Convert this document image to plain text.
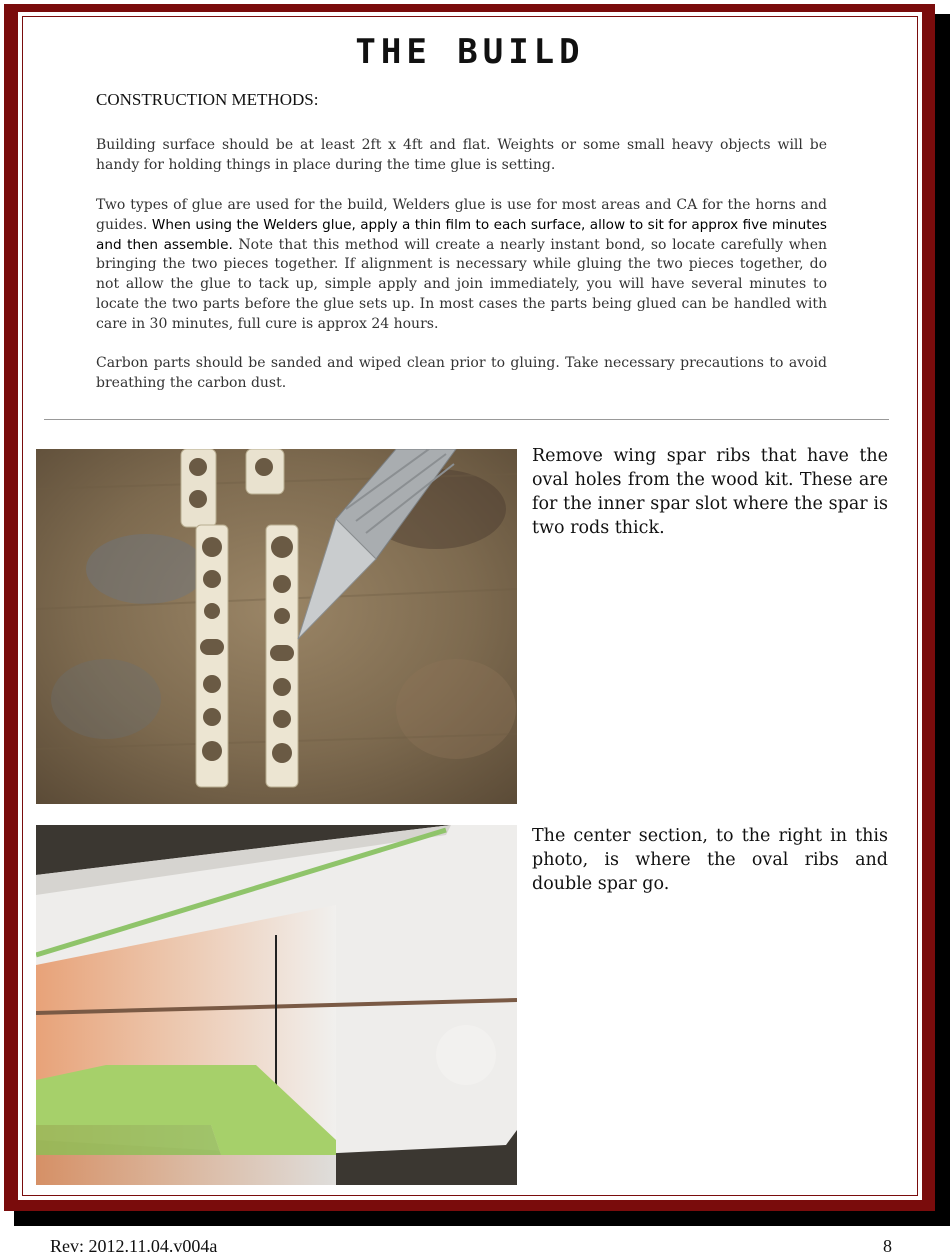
THE BUILD
CONSTRUCTION METHODS:

Building surface should be at least 2ft x 4ft and flat. Weights or some small heavy objects will be handy for holding things in place during the time glue is setting.

Two types of glue are used for the build, Welders glue is use for most areas and CA for the horns and guides. When using the Welders glue, apply a thin film to each surface, allow to sit for approx five minutes and then assemble. Note that this method will create a nearly instant bond, so locate carefully when bringing the two pieces together. If alignment is necessary while gluing the two pieces together, do not allow the glue to tack up, simple apply and join immediately, you will have several minutes to locate the two parts before the glue sets up. In most cases the parts being glued can be handled with care in 30 minutes, full cure is approx 24 hours.

Carbon parts should be sanded and wiped clean prior to gluing. Take necessary precautions to avoid breathing the carbon dust.

Remove wing spar ribs that have the oval holes from the wood kit. These are for the inner spar slot where the spar is two rods thick.

The center section, to the right in this photo, is where the oval ribs and double spar go.

Rev: 2012.11.04.v004a	8
